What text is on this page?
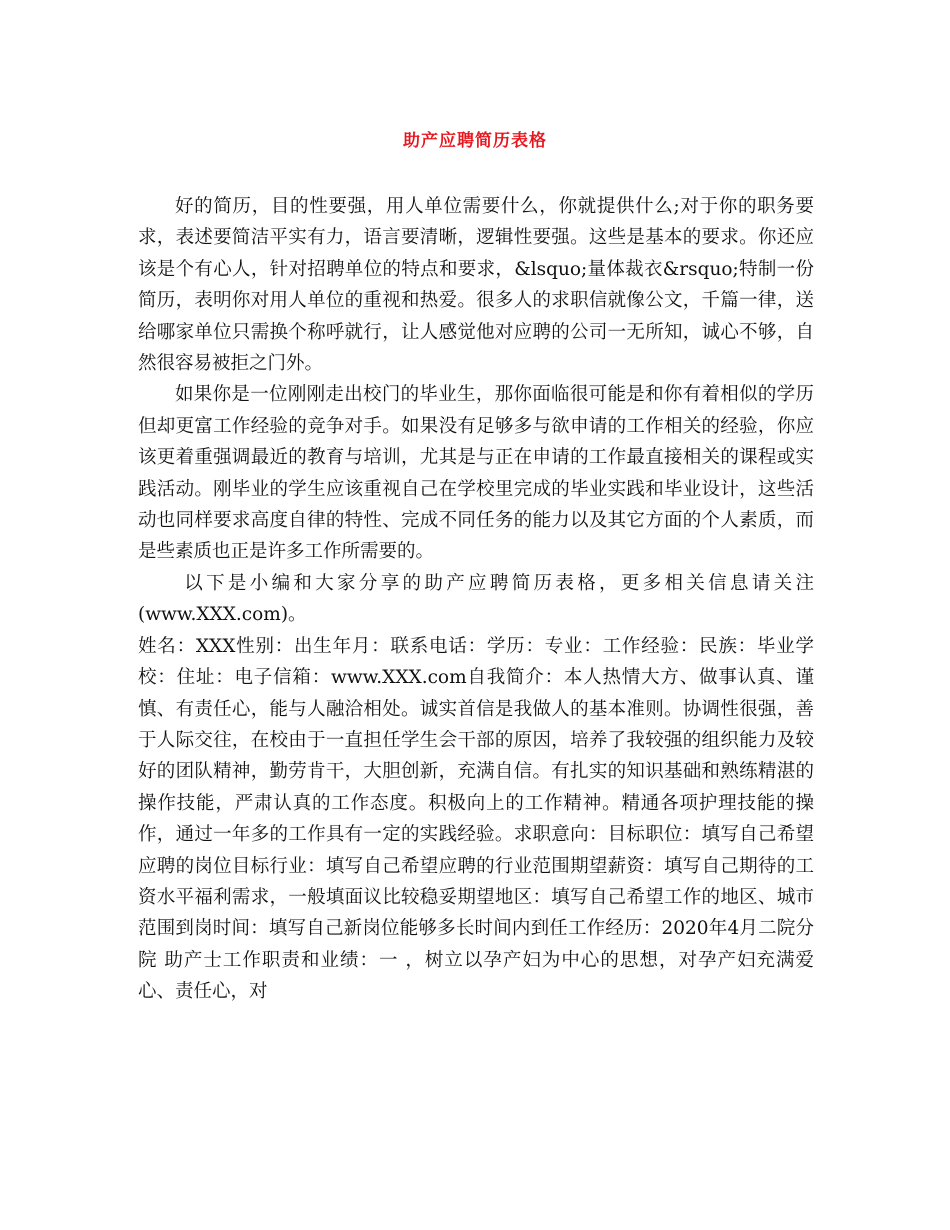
助产应聘简历表格

好的简历，目的性要强，用人单位需要什么，你就提供什么;对于你的职务要求，表述要简洁平实有力，语言要清晰，逻辑性要强。这些是基本的要求。你还应该是个有心人，针对招聘单位的特点和要求，&lsquo;量体裁衣&rsquo;特制一份简历，表明你对用人单位的重视和热爱。很多人的求职信就像公文，千篇一律，送给哪家单位只需换个称呼就行，让人感觉他对应聘的公司一无所知，诚心不够，自然很容易被拒之门外。

如果你是一位刚刚走出校门的毕业生，那你面临很可能是和你有着相似的学历但却更富工作经验的竞争对手。如果没有足够多与欲申请的工作相关的经验，你应该更着重强调最近的教育与培训，尤其是与正在申请的工作最直接相关的课程或实践活动。刚毕业的学生应该重视自己在学校里完成的毕业实践和毕业设计，这些活动也同样要求高度自律的特性、完成不同任务的能力以及其它方面的个人素质，而是些素质也正是许多工作所需要的。

以下是小编和大家分享的助产应聘简历表格，更多相关信息请关注(www.XXX.com)。

姓名：XXX性别：出生年月：联系电话：学历：专业：工作经验：民族：毕业学校：住址：电子信箱：www.XXX.com自我简介：本人热情大方、做事认真、谨慎、有责任心，能与人融洽相处。诚实首信是我做人的基本准则。协调性很强，善于人际交往，在校由于一直担任学生会干部的原因，培养了我较强的组织能力及较好的团队精神，勤劳肯干，大胆创新，充满自信。有扎实的知识基础和熟练精湛的操作技能，严肃认真的工作态度。积极向上的工作精神。精通各项护理技能的操作，通过一年多的工作具有一定的实践经验。求职意向：目标职位：填写自己希望应聘的岗位目标行业：填写自己希望应聘的行业范围期望薪资：填写自己期待的工资水平福利需求，一般填面议比较稳妥期望地区：填写自己希望工作的地区、城市范围到岗时间：填写自己新岗位能够多长时间内到任工作经历：2020年4月二院分院 助产士工作职责和业绩：一 ，树立以孕产妇为中心的思想，对孕产妇充满爱心、责任心，对
